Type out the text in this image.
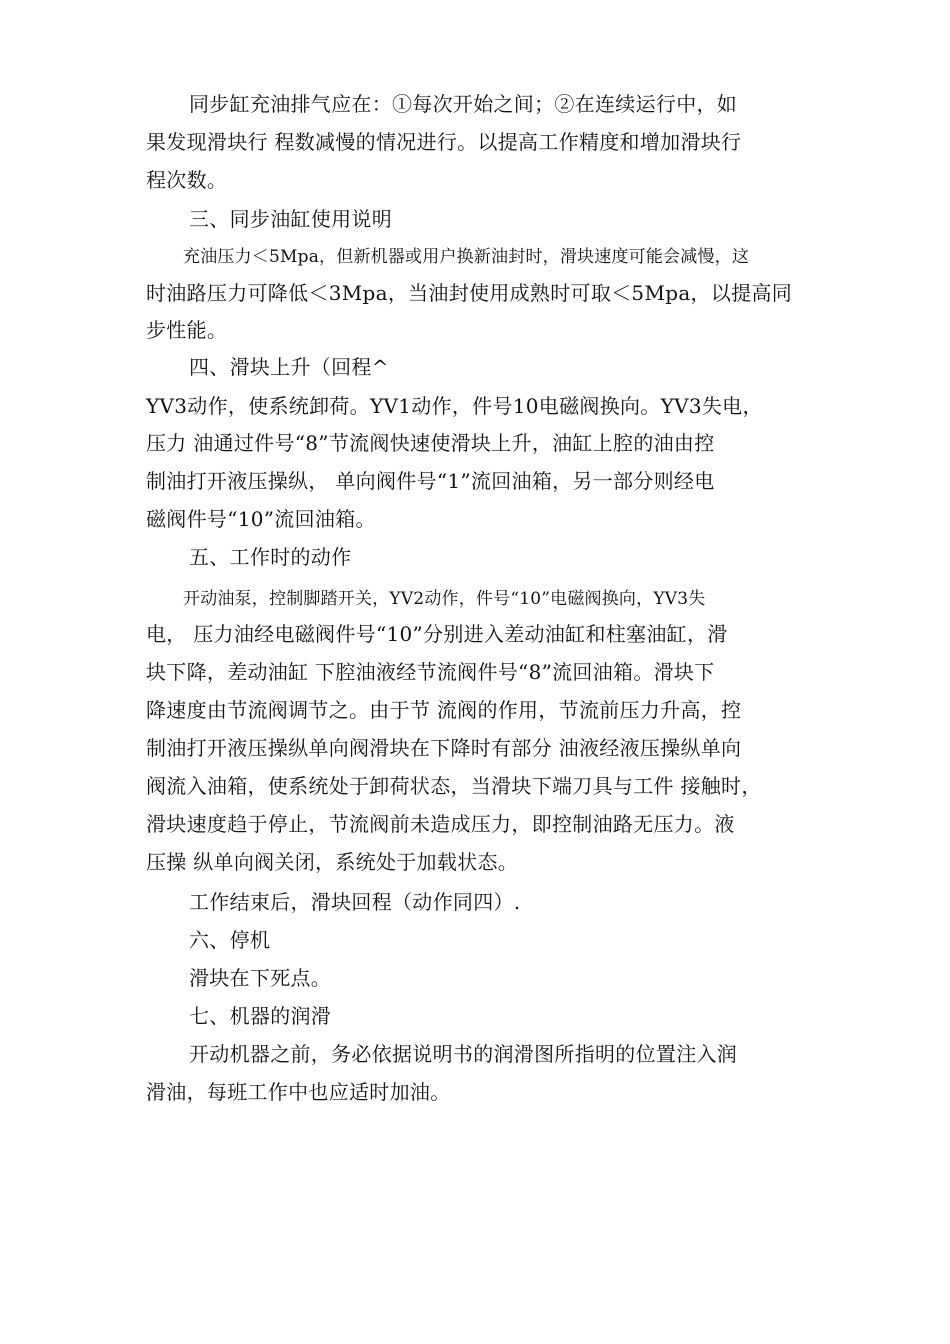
同步缸充油排气应在：①每次开始之间；②在连续运行中，如
果发现滑块行 程数减慢的情况进行。以提高工作精度和增加滑块行
程次数。
三、同步油缸使用说明
充油压力＜5Mpa，但新机器或用户换新油封时，滑块速度可能会减慢，这
时油路压力可降低＜3Mpa，当油封使用成熟时可取＜5Mpa，以提高同
步性能。
四、滑块上升（回程^
YV3动作，使系统卸荷。YV1动作，件号10电磁阀换向。YV3失电，
压力 油通过件号“8”节流阀快速使滑块上升，油缸上腔的油由控
制油打开液压操纵， 单向阀件号“1”流回油箱，另一部分则经电
磁阀件号“10”流回油箱。
五、工作时的动作
开动油泵，控制脚踏开关，YV2动作，件号“10”电磁阀换向，YV3失
电， 压力油经电磁阀件号“10”分别进入差动油缸和柱塞油缸，滑
块下降，差动油缸 下腔油液经节流阀件号“8”流回油箱。滑块下
降速度由节流阀调节之。由于节 流阀的作用，节流前压力升高，控
制油打开液压操纵单向阀滑块在下降时有部分 油液经液压操纵单向
阀流入油箱，使系统处于卸荷状态，当滑块下端刀具与工件 接触时，
滑块速度趋于停止，节流阀前未造成压力，即控制油路无压力。液
压操 纵单向阀关闭，系统处于加载状态。
工作结束后，滑块回程（动作同四）.
六、停机
滑块在下死点。
七、机器的润滑
开动机器之前，务必依据说明书的润滑图所指明的位置注入润
滑油，每班工作中也应适时加油。
